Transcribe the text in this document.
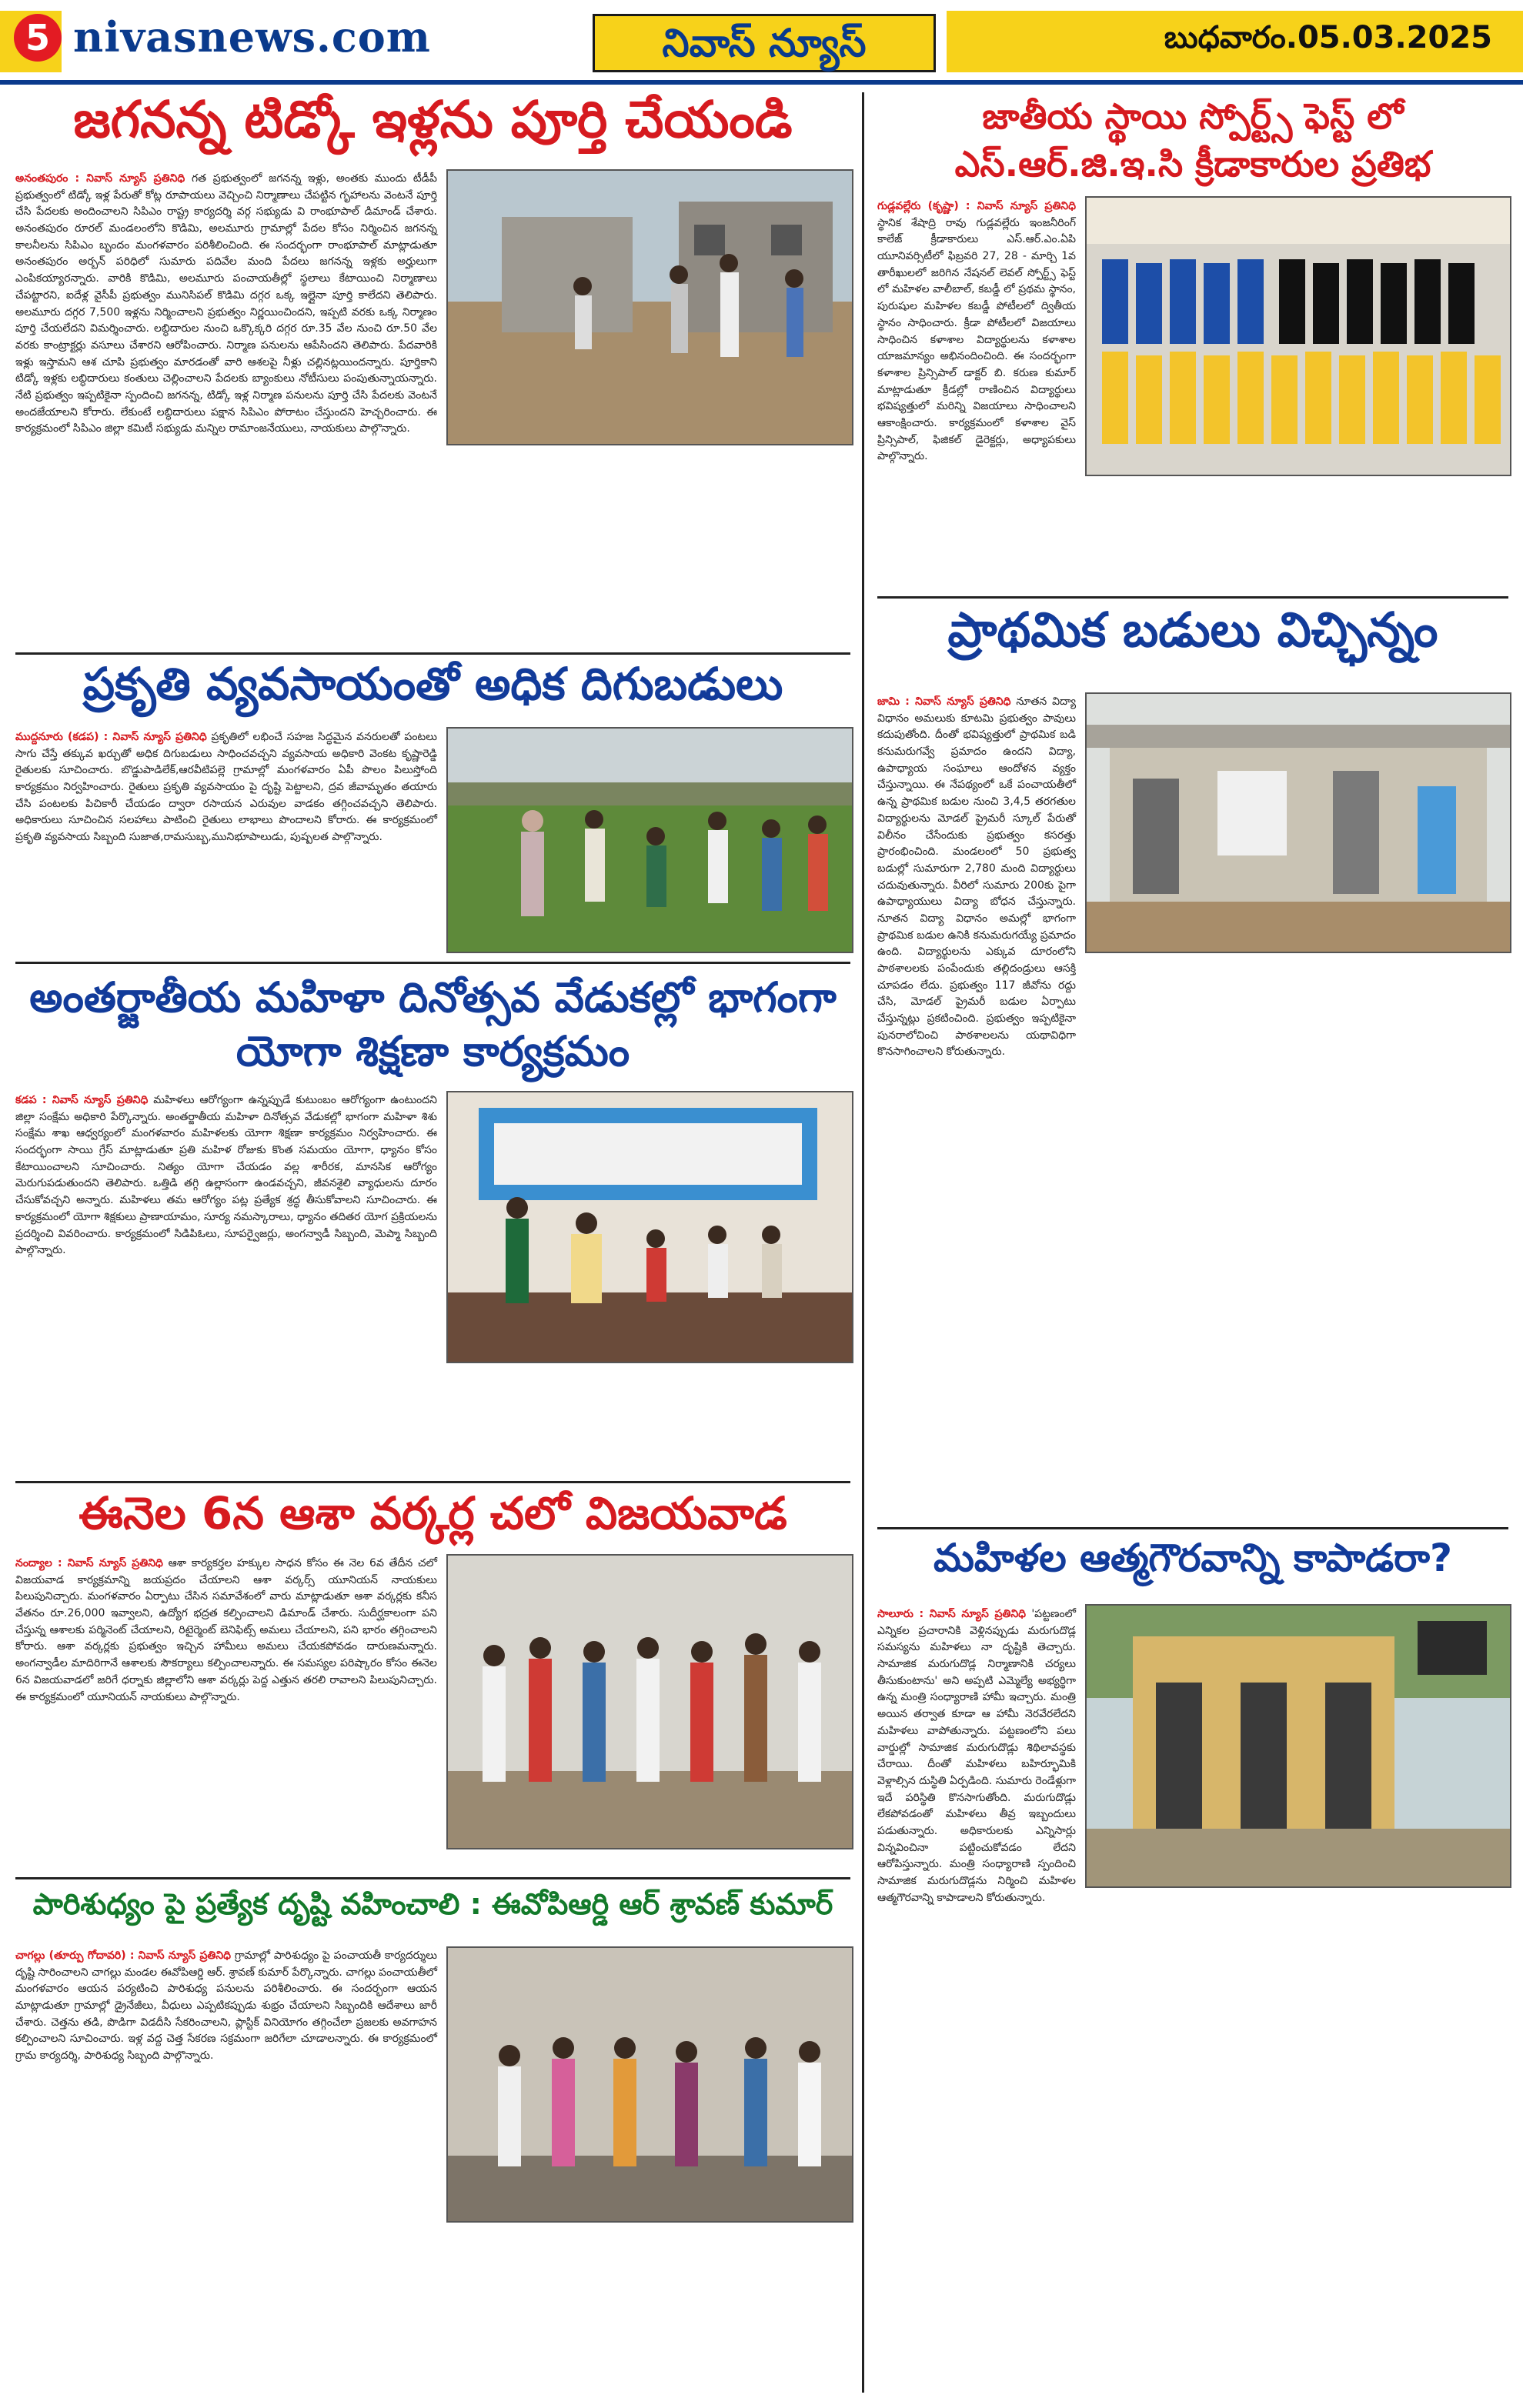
5 nivasnews.com	నివాస్ న్యూస్	బుధవారం.05.03.2025
జగనన్న టిడ్కో ఇళ్లను పూర్తి చేయండి
అనంతపురం : నివాస్ న్యూస్ ప్రతినిధి గత ప్రభుత్వంలో జగనన్న ఇళ్లు, అంతకు ముందు టీడీపీ ప్రభుత్వంలో టిడ్కో ఇళ్ల పేరుతో కోట్ల రూపాయలు వెచ్చించి నిర్మాణాలు చేపట్టిన గృహాలను వెంటనే పూర్తి చేసి పేదలకు అందించాలని సిపిఎం రాష్ట్ర కార్యదర్శి వర్గ సభ్యుడు వి రాంభూపాల్ డిమాండ్ చేశారు. అనంతపురం రూరల్ మండలంలోని కొడిమి, అలమూరు గ్రామాల్లో పేదల కోసం నిర్మించిన జగనన్న కాలనీలను సిపిఎం బృందం మంగళవారం పరిశీలించింది. ఈ సందర్భంగా రాంభూపాల్ మాట్లాడుతూ అనంతపురం అర్బన్ పరిధిలో సుమారు పదివేల మంది పేదలు జగనన్న ఇళ్లకు అర్హులుగా ఎంపికయ్యారన్నారు. వారికి కొడిమి, అలమూరు పంచాయతీల్లో స్థలాలు కేటాయించి నిర్మాణాలు చేపట్టారని, ఐదేళ్ల వైసీపీ ప్రభుత్వం మునిసిపల్ కొడిమి దగ్గర ఒక్క ఇల్లైనా పూర్తి కాలేదని తెలిపారు. అలమూరు దగ్గర 7,500 ఇళ్లను నిర్మించాలని ప్రభుత్వం నిర్ణయించిందని, ఇప్పటి వరకు ఒక్క నిర్మాణం పూర్తి చేయలేదని విమర్శించారు. లబ్ధిదారుల నుంచి ఒక్కొక్కరి దగ్గర రూ.35 వేల నుంచి రూ.50 వేల వరకు కాంట్రాక్టర్లు వసూలు చేశారని ఆరోపించారు. నిర్మాణ పనులను ఆపేసిందని తెలిపారు. పేదవారికి ఇళ్లు ఇస్తామని ఆశ చూపి ప్రభుత్వం మారడంతో వారి ఆశలపై నీళ్లు చల్లినట్లయిందన్నారు. పూర్తికాని టిడ్కో ఇళ్లకు లబ్ధిదారులు కంతులు చెల్లించాలని పేదలకు బ్యాంకులు నోటీసులు పంపుతున్నాయన్నారు. నేటి ప్రభుత్వం ఇప్పటికైనా స్పందించి జగనన్న, టిడ్కో ఇళ్ల నిర్మాణ పనులను పూర్తి చేసి పేదలకు వెంటనే అందజేయాలని కోరారు. లేకుంటే లబ్ధిదారులు పక్షాన సిపిఎం పోరాటం చేస్తుందని హెచ్చరించారు. ఈ కార్యక్రమంలో సిపిఎం జిల్లా కమిటీ సభ్యుడు మన్నిల రామాంజనేయులు, నాయకులు పాల్గొన్నారు.
ప్రకృతి వ్యవసాయంతో అధిక దిగుబడులు
ముద్దనూరు (కడప) : నివాస్ న్యూస్ ప్రతినిధి ప్రకృతిలో లభించే సహజ సిద్ధమైన వనరులతో పంటలు సాగు చేస్తే తక్కువ ఖర్చుతో అధిక దిగుబడులు సాధించవచ్చని వ్యవసాయ అధికారి వెంకట కృష్ణారెడ్డి రైతులకు సూచించారు. బొడ్డుపాడిలేక్,ఆరవీటిపల్లె గ్రామాల్లో మంగళవారం ఏపీ పొలం పిలుస్తోంది కార్యక్రమం నిర్వహించారు. రైతులు ప్రకృతి వ్యవసాయం పై దృష్టి పెట్టాలని, ద్రవ జీవామృతం తయారు చేసి పంటలకు పిచికారీ చేయడం ద్వారా రసాయన ఎరువుల వాడకం తగ్గించవచ్చని తెలిపారు. అధికారులు సూచించిన సలహాలు పాటించి రైతులు లాభాలు పొందాలని కోరారు. ఈ కార్యక్రమంలో ప్రకృతి వ్యవసాయ సిబ్బంది సుజాత,రామసుబ్బ,మునిభూపాలుడు, పుష్పలత పాల్గొన్నారు.
అంతర్జాతీయ మహిళా దినోత్సవ వేడుకల్లో భాగంగా యోగా శిక్షణా కార్యక్రమం
కడప : నివాస్ న్యూస్ ప్రతినిధి మహిళలు ఆరోగ్యంగా ఉన్నప్పుడే కుటుంబం ఆరోగ్యంగా ఉంటుందని జిల్లా సంక్షేమ అధికారి పేర్కొన్నారు. అంతర్జాతీయ మహిళా దినోత్సవ వేడుకల్లో భాగంగా మహిళా శిశు సంక్షేమ శాఖ ఆధ్వర్యంలో మంగళవారం మహిళలకు యోగా శిక్షణా కార్యక్రమం నిర్వహించారు. ఈ సందర్భంగా సాయి గ్రేస్ మాట్లాడుతూ ప్రతి మహిళ రోజుకు కొంత సమయం యోగా, ధ్యానం కోసం కేటాయించాలని సూచించారు. నిత్యం యోగా చేయడం వల్ల శారీరక, మానసిక ఆరోగ్యం మెరుగుపడుతుందని తెలిపారు. ఒత్తిడి తగ్గి ఉల్లాసంగా ఉండవచ్చని, జీవనశైలి వ్యాధులను దూరం చేసుకోవచ్చని అన్నారు. మహిళలు తమ ఆరోగ్యం పట్ల ప్రత్యేక శ్రద్ధ తీసుకోవాలని సూచించారు. ఈ కార్యక్రమంలో యోగా శిక్షకులు ప్రాణాయామం, సూర్య నమస్కారాలు, ధ్యానం తదితర యోగ ప్రక్రియలను ప్రదర్శించి వివరించారు. కార్యక్రమంలో సిడిపిఓలు, సూపర్వైజర్లు, అంగన్వాడీ సిబ్బంది, మెప్మా సిబ్బంది పాల్గొన్నారు.
ఈనెల 6న ఆశా వర్కర్ల చలో విజయవాడ
నంద్యాల : నివాస్ న్యూస్ ప్రతినిధి ఆశా కార్యకర్తల హక్కుల సాధన కోసం ఈ నెల 6వ తేదీన చలో విజయవాడ కార్యక్రమాన్ని జయప్రదం చేయాలని ఆశా వర్కర్స్ యూనియన్ నాయకులు పిలుపునిచ్చారు. మంగళవారం ఏర్పాటు చేసిన సమావేశంలో వారు మాట్లాడుతూ ఆశా వర్కర్లకు కనీస వేతనం రూ.26,000 ఇవ్వాలని, ఉద్యోగ భద్రత కల్పించాలని డిమాండ్ చేశారు. సుదీర్ఘకాలంగా పని చేస్తున్న ఆశాలకు పర్మినెంట్ చేయాలని, రిటైర్మెంట్ బెనిఫిట్స్ అమలు చేయాలని, పని భారం తగ్గించాలని కోరారు. ఆశా వర్కర్లకు ప్రభుత్వం ఇచ్చిన హామీలు అమలు చేయకపోవడం దారుణమన్నారు. అంగన్వాడీల మాదిరిగానే ఆశాలకు సౌకర్యాలు కల్పించాలన్నారు. ఈ సమస్యల పరిష్కారం కోసం ఈనెల 6న విజయవాడలో జరిగే ధర్నాకు జిల్లాలోని ఆశా వర్కర్లు పెద్ద ఎత్తున తరలి రావాలని పిలుపునిచ్చారు. ఈ కార్యక్రమంలో యూనియన్ నాయకులు పాల్గొన్నారు.
పారిశుధ్యం పై ప్రత్యేక దృష్టి వహించాలి : ఈవోపిఆర్డి ఆర్ శ్రావణ్ కుమార్
చాగల్లు (తూర్పు గోదావరి) : నివాస్ న్యూస్ ప్రతినిధి గ్రామాల్లో పారిశుధ్యం పై పంచాయతీ కార్యదర్శులు దృష్టి సారించాలని చాగల్లు మండల ఈవోపిఆర్డి ఆర్. శ్రావణ్ కుమార్ పేర్కొన్నారు. చాగల్లు పంచాయతీలో మంగళవారం ఆయన పర్యటించి పారిశుధ్య పనులను పరిశీలించారు. ఈ సందర్భంగా ఆయన మాట్లాడుతూ గ్రామాల్లో డ్రైనేజీలు, వీధులు ఎప్పటికప్పుడు శుభ్రం చేయాలని సిబ్బందికి ఆదేశాలు జారీ చేశారు. చెత్తను తడి, పొడిగా విడదీసి సేకరించాలని, ప్లాస్టిక్ వినియోగం తగ్గించేలా ప్రజలకు అవగాహన కల్పించాలని సూచించారు. ఇళ్ల వద్ద చెత్త సేకరణ సక్రమంగా జరిగేలా చూడాలన్నారు. ఈ కార్యక్రమంలో గ్రామ కార్యదర్శి, పారిశుధ్య సిబ్బంది పాల్గొన్నారు.
జాతీయ స్థాయి స్పోర్ట్స్ ఫెస్ట్ లో ఎస్.ఆర్.జి.ఇ.సి క్రీడాకారుల ప్రతిభ
గుడ్లవల్లేరు (కృష్ణా) : నివాస్ న్యూస్ ప్రతినిధి స్థానిక శేషాద్రి రావు గుడ్లవల్లేరు ఇంజనీరింగ్ కాలేజ్ క్రీడాకారులు ఎస్.ఆర్.ఎం.ఏపి యూనివర్సిటీలో ఫిబ్రవరి 27, 28 - మార్చి 1వ తారీఖులలో జరిగిన నేషనల్ లెవల్ స్పోర్ట్స్ ఫెస్ట్ లో మహిళల వాలీబాల్, కబడ్డీ లో ప్రథమ స్థానం, పురుషుల మహిళల కబడ్డీ పోటీలలో ద్వితీయ స్థానం సాధించారు. క్రీడా పోటీలలో విజయాలు సాధించిన కళాశాల విద్యార్థులను కళాశాల యాజమాన్యం అభినందించింది. ఈ సందర్భంగా కళాశాల ప్రిన్సిపాల్ డాక్టర్ బి. కరుణ కుమార్ మాట్లాడుతూ క్రీడల్లో రాణించిన విద్యార్థులు భవిష్యత్తులో మరిన్ని విజయాలు సాధించాలని ఆకాంక్షించారు. కార్యక్రమంలో కళాశాల వైస్ ప్రిన్సిపాల్, ఫిజికల్ డైరెక్టర్లు, అధ్యాపకులు పాల్గొన్నారు.
ప్రాథమిక బడులు విచ్ఛిన్నం
జామి : నివాస్ న్యూస్ ప్రతినిధి నూతన విద్యా విధానం అమలుకు కూటమి ప్రభుత్వం పావులు కదుపుతోంది. దీంతో భవిష్యత్తులో ప్రాథమిక బడి కనుమరుగవ్వే ప్రమాదం ఉందని విద్యా, ఉపాధ్యాయ సంఘాలు ఆందోళన వ్యక్తం చేస్తున్నాయి. ఈ నేపథ్యంలో ఒకే పంచాయతీలో ఉన్న ప్రాథమిక బడుల నుంచి 3,4,5 తరగతుల విద్యార్థులను మోడల్ ప్రైమరీ స్కూల్ పేరుతో విలీనం చేసేందుకు ప్రభుత్వం కసరత్తు ప్రారంభించింది. మండలంలో 50 ప్రభుత్వ బడుల్లో సుమారుగా 2,780 మంది విద్యార్థులు చదువుతున్నారు. వీరిలో సుమారు 200కు పైగా ఉపాధ్యాయులు విద్యా బోధన చేస్తున్నారు. నూతన విద్యా విధానం అమల్లో భాగంగా ప్రాథమిక బడుల ఉనికి కనుమరుగయ్యే ప్రమాదం ఉంది. విద్యార్థులను ఎక్కువ దూరంలోని పాఠశాలలకు పంపేందుకు తల్లిదండ్రులు ఆసక్తి చూపడం లేదు. ప్రభుత్వం 117 జీవోను రద్దు చేసి, మోడల్ ప్రైమరీ బడుల ఏర్పాటు చేస్తున్నట్లు ప్రకటించింది. ప్రభుత్వం ఇప్పటికైనా పునరాలోచించి పాఠశాలలను యథావిధిగా కొనసాగించాలని కోరుతున్నారు.
మహిళల ఆత్మగౌరవాన్ని కాపాడరా?
సాలూరు : నివాస్ న్యూస్ ప్రతినిధి 'పట్టణంలో ఎన్నికల ప్రచారానికి వెళ్లినప్పుడు మరుగుదొడ్ల సమస్యను మహిళలు నా దృష్టికి తెచ్చారు. సామాజిక మరుగుదొడ్ల నిర్మాణానికి చర్యలు తీసుకుంటాను' అని అప్పటి ఎమ్మెల్యే అభ్యర్థిగా ఉన్న మంత్రి సంధ్యారాణి హామీ ఇచ్చారు. మంత్రి అయిన తర్వాత కూడా ఆ హామీ నెరవేరలేదని మహిళలు వాపోతున్నారు. పట్టణంలోని పలు వార్డుల్లో సామాజిక మరుగుదొడ్లు శిథిలావస్థకు చేరాయి. దీంతో మహిళలు బహిర్భూమికి వెళ్లాల్సిన దుస్థితి ఏర్పడింది. సుమారు రెండేళ్లుగా ఇదే పరిస్థితి కొనసాగుతోంది. మరుగుదొడ్లు లేకపోవడంతో మహిళలు తీవ్ర ఇబ్బందులు పడుతున్నారు. అధికారులకు ఎన్నిసార్లు విన్నవించినా పట్టించుకోవడం లేదని ఆరోపిస్తున్నారు. మంత్రి సంధ్యారాణి స్పందించి సామాజిక మరుగుదొడ్లను నిర్మించి మహిళల ఆత్మగౌరవాన్ని కాపాడాలని కోరుతున్నారు.
